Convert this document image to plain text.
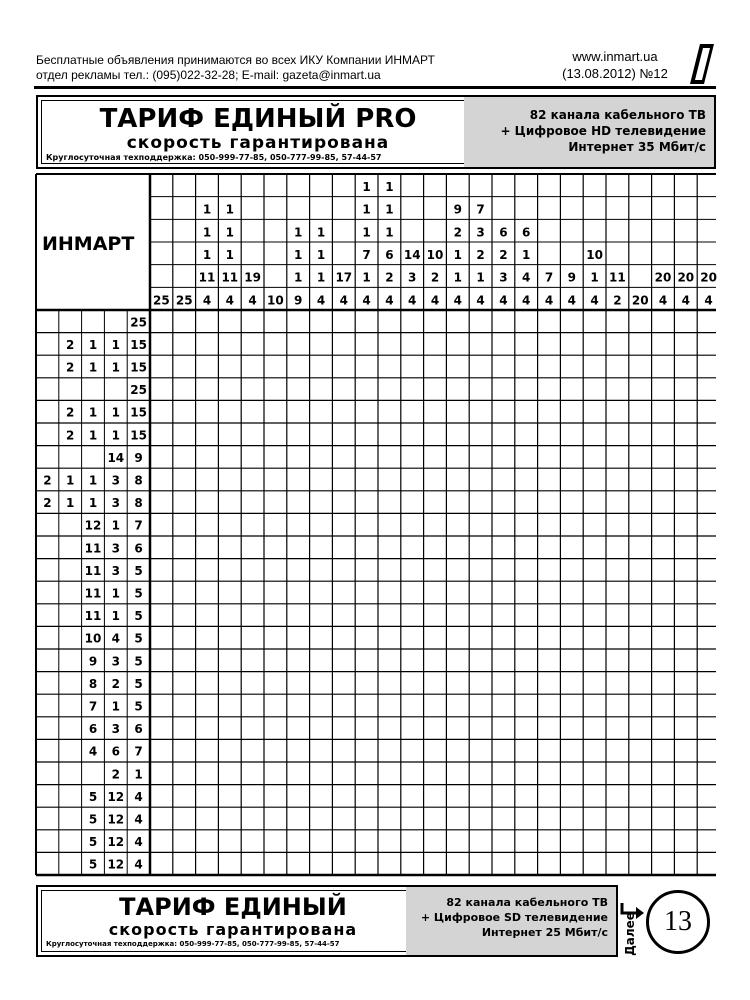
Бесплатные объявления принимаются во всех ИКУ Компании ИНМАРТ
отдел рекламы тел.: (095)022-32-28; E-mail: gazeta@inmart.ua
www.inmart.ua
(13.08.2012) №12
ТАРИФ ЕДИНЫЙ PRO
скорость гарантирована
Круглосуточная техподдержка: 050-999-77-85, 050-777-99-85, 57-44-57
82 канала кабельного ТВ
+ Цифровое HD телевидение
Интернет 35 Мбит/с
25 25
1
1
1
11
4
1
1
1
11
4
19
4 10
1
1
1
9
1
1
1
4
17
4
1
1
1
7
1
4
1
1
1
6
2
4
14
3
4
10
2
4
9
2
1
1
4
7
3
2
1
4
6
2
3
4
6
1
4
4
7
4
9
4
10
1
4
11
2 20
20
4
20
4
20
4
25
2 1 1 15
2 1 1 15
25
2 1 1 15
2 1 1 15
14 9
2 1 1 3 8
2 1 1 3 8
12 1 7
11 3 6
11 3 5
11 1 5
11 1 5
10 4 5
9 3 5
8 2 5
7 1 5
6 3 6
4 6 7
2 1
5 12 4
5 12 4
5 12 4
5 12 4
ИНМАРТ
ТАРИФ ЕДИНЫЙ
скорость гарантирована
Круглосуточная техподдержка: 050-999-77-85, 050-777-99-85, 57-44-57
82 канала кабельного ТВ
+ Цифровое SD телевидение
Интернет 25 Мбит/с Далее 13
